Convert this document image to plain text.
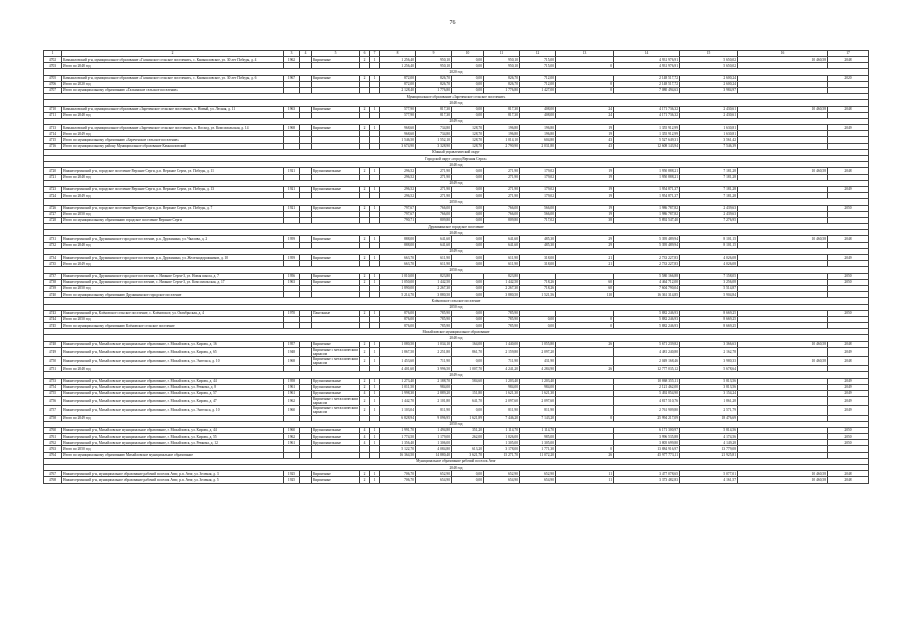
76
1	2	3	4	5	6	7	8	9	10	11	12	13	14	15	16	17
4702	Камышловский р-н, муниципальное образование «Галкинское сельское поселение», с. Камышловское, ул. 30 лет Победы, д. 4	1962		Кирпичные	2	1	1 256,40	950,10	0,00	950,10	715,00		4 931 976,91	5 650,02	10 460,58	2048
4703	Итого по 2048 год						1 256,40	950,10	0,00	950,10	715,00	0	4 931 976,91	5 650,02		
2020 год																
4705	Камышловский р-н, муниципальное образование «Галкинское сельское поселение», с. Камышловское, ул. 30 лет Победы, д. 6	1967		Кирпичные	2	1	872,00	826,70	0,00	826,70	712,00		2 148 517,72	2 600,24		2020
4706	Итого по 2020 год						872,00	826,70	0,00	826,70	712,00	0	2 148 517,72	2 600,24		
4707	Итого по муниципальному образованию «Галкинское сельское поселение»						2 128,40	1 776,80	0,00	1 776,80	1 427,00	0	7 080 494,63	3 984,97		
Муниципальное образование «Зареченское сельское поселение»																
2048 год																
4710	Камышловский р-н, муниципальное образование «Зареченское сельское поселение», п. Новый, ул. Лесная, д. 11	1963		Кирпичные	2	1	577,90	817,30	0,00	817,30	408,00	24	4 171 736,32	2 430,61	10 460,58	2048
4711	Итого по 2048 год						577,90	817,30	0,00	817,30	408,00	24	4 171 736,32	2 430,61		
2049 год																
4713	Камышловский р-н, муниципальное образование «Зареченское сельское поселение», п. Восход, ул. Комсомольская, д. 14	1968		Кирпичные	2	1	968,60	734,80	128,70	196,80	196,80	19	1 355 912,99	1 630,81		2049
4714	Итого по 2049 год						968,60	734,80	128,70	196,80	196,80	19	1 355 912,99	1 630,81		
4715	Итого по муниципальному образованию «Зареченское сельское поселение»						1 546,50	1 552,10	128,70	1 014,10	604,80	43	5 527 649,31	3 561,42		
4716	Итого по муниципальному району Муниципальное образование Камышловский						3 674,90	3 328,90	128,70	2 790,90	2 031,80	43	12 608 143,94	7 546,39		
Южный управленческий округ																
Городской округ «город Верхняя Серга»																
2048 год																
4720	Нижнесергинский р-н, городское поселение Верхние Серги, р.п. Верхние Серги, ул. Победы, д. 11	1921		Крупнопанельные	2	1	296,52	271,90	0,00	271,90	179,02	19	1 950 888,21	7 181,28	10 460,58	2048
4721	Итого по 2048 год						296,52	271,90	0,00	271,90	179,02	19	1 950 888,21	7 181,28		
2049 год																
4723	Нижнесергинский р-н, городское поселение Верхние Серги, р.п. Верхние Серги, ул. Победы, д. 13	1921		Крупнопанельные	2	1	296,52	271,90	0,00	271,90	179,02	19	1 954 871,37	7 181,28		2049
4724	Итого по 2049 год						296,52	271,90	0,00	271,90	179,02	19	1 954 871,37	7 181,28		
2050 год																
4726	Нижнесергинский р-н, городское поселение Верхние Серги, р.п. Верхние Серги, ул. Победы, д. 7	1921		Крупнопанельные	2	1	797,67	766,00	0,00	766,00	566,00	19	1 986 787,82	2 439,63		2050
4727	Итого по 2050 год						797,67	766,00	0,00	766,00	566,00	19	1 986 787,82	2 439,63		
4728	Итого по муниципальному образованию городское поселение Верхние Серги						790,71	809,80	0,00	809,80	717,02	38	5 892 547,40	7 276,95		
Дружининское городское поселение																
2048 год																
4731	Нижнесергинский р-н, Дружининское городское поселение, р.п. Дружинино, ул. Чкалова, д. 2	1959		Кирпичные	2	1	888,00	641,60	0,00	641,60	485,30	29	5 395 489,94	8 101,15	10 460,58	2048
4732	Итого по 2048 год						888,00	641,60	0,00	641,60	485,30	29	5 395 489,94	8 101,15		
2049 год																
4734	Нижнесергинский р-н, Дружининское городское поселение, р.п. Дружинино, ул. Железнодорожников, д. 10	1959		Кирпичные	2	1	663,70	611,90	0,00	611,90	318,00	21	2 733 227,83	4 026,08		2049
4735	Итого по 2049 год						663,70	611,90	0,00	611,90	318,00	21	2 733 227,83	4 026,08		
2050 год																
4737	Нижнесергинский р-н, Дружининское городское поселение, с. Нижние Серги-3, ул. Новая школа, д. 7	1956		Кирпичные	2	1	1 010,00	823,80		823,80			5 580 166,88	7 158,05		2050
4738	Нижнесергинский р-н, Дружининское городское поселение, с. Нижние Серги-3, ул. Комсомольская, д. 17	1963		Кирпичные	2	1	1 050,00	1 442,50	0,00	1 442,50	718,26	60	4 464 712,00	3 256,08		2050
4739	Итого по 2050 год						1 890,00	2 267,30	0,00	2 267,30	718,26	60	7 604 790,04	5 514,87		
4740	Итого по муниципальному образованию Дружининское городское поселение						5 214,70	3 880,50	0,00	3 880,50	1 521,56	110	16 361 314,85	5 904,84		
Клёновское сельское поселение																
2050 год																
4743	Нижнесергинский р-н, Клёновское сельское поселение, с. Клёновское, ул. Октябрьская, д. 4	1970		Панельные	2	1	876,00	785,90	0,00	785,90			5 882 246,93	8 669,25		2050
4744	Итого по 2050 год						876,00	785,90	0,00	785,90	0,00	0	5 882 246,93	8 669,25		
4745	Итого по муниципальному образованию Клёновское сельское поселение						876,00	785,90	0,00	785,90	0,00	0	5 882 246,93	8 669,25		
Михайловское муниципальное образование																
2048 год																
4748	Нижнесергинский р-н, Михайловское муниципальное образование, г. Михайловск, ул. Кирова, д. 16	1957		Кирпичные	2	1	1 080,50	1 034,10	164,00	1 440,00	1 055,80	26	5 671 239,82	3 366,63	10 460,58	2048
4749	Нижнесергинский р-н, Михайловское муниципальное образование, г. Михайловск, ул. Кирова, д. 65	1948		Кирпичные с металлическим каркасом	2	1	1 867,50	2 251,80	861,70	2 159,80	2 097,20		4 481 240,80	2 162,78		2049
4750	Нижнесергинский р-н, Михайловское муниципальное образование, г. Михайловск, ул. Энгельса, д. 10	1968		Кирпичные с металлическим каркасом	2	1	1 453,60	711,90	0,00	711,90	431,90		2 049 168,46	3 980,33	10 460,58	2048
4751	Итого по 2048 год						4 401,60	3 996,50	1 007,70	4 241,20	4 284,90	26	12 777 035,12	5 678,64		
2049 год																
4753	Нижнесергинский р-н, Михайловское муниципальное образование, г. Михайловск, ул. Кирова, д. 44	1958		Крупнопанельные	2	1	1 273,40	2 188,70	584,60	1 203,40	1 203,40		10 868 355,11	5 813,56		2049
4754	Нижнесергинский р-н, Михайловское муниципальное образование, г. Михайловск, ул. Ревкома, д. 8	1961		Крупнопанельные	2	1	1 011,50	984,00		984,00	984,00		2 121 462,00	3 813,56		2049
4755	Нижнесергинский р-н, Михайловское муниципальное образование, г. Михайловск, ул. Кирова, д. 57	1961		Крупнопанельные	4	1	1 998,30	2 889,20	151,80	1 621,30	1 621,30		5 492 854,90	3 154,24		2049
4756	Нижнесергинский р-н, Михайловское муниципальное образование, г. Михайловск, ул. Кирова, д. 47	1962		Кирпичные с металлическим каркасом	2	1	1 442,70	2 101,80	641,70	2 097,60	2 097,60		4 817 510,76	1 861,28		2049
4757	Нижнесергинский р-н, Михайловское муниципальное образование, г. Михайловск, ул. Энгельса, д. 10	1960		Кирпичные с металлическим каркасом	2	1	1 103,04	811,90	0,00	811,90	811,90		2 761 909,80	2 571,79		2049
4758	Итого по 2049 год						6 828,94	9 096,95	1 621,89	7 446,20	7 143,20	0	25 994 217,09	18 476,69		
2050 год																
4760	Нижнесергинский р-н, Михайловское муниципальное образование, г. Михайловск, ул. Кирова, д. 44	1960		Крупнопанельные	4	1	1 991,70	1 494,80	351,20	1 114,70	1 114,70		6 171 300,97	5 814,56		2050
4761	Нижнесергинский р-н, Михайловское муниципальное образование, г. Михайловск, ул. Кирова, д. 55	1962		Крупнопанельные	4	1	1 774,50	1 179,00	262,00	1 026,00	985,00		3 996 535,88	4 174,56		2050
4762	Нижнесергинский р-н, Михайловское муниципальное образование, г. Михайловск, ул. Ревкома, д. 12	1961		Крупнопанельные	4	1	1 356,40	1 306,00		1 305,00	1 305,00		3 805 699,80	4 149,28		2050
4763	Итого по 2050 год						5 122,70	4 084,80	613,20	3 178,00	1 771,30	0	13 884 916,97	13 779,08		
4764	Итого по муниципальному образованию Михайловское муниципальное образование						16 364,50	14 880,40	3 621,70	15 271,70	11 072,20	26	45 977 773,11	21 925,81		
Муниципальное образование рабочий поселок Атиг																
2048 год																
4767	Нижнесергинский р-н, муниципальное образование рабочий поселок Атиг, р.п. Атиг, ул. Зеленая, д. 3	1925		Кирпичные	2	1	706,70	652,90	0,00	652,90	652,90	11	3 477 078,65	5 077,01	10 460,58	2048
4768	Нижнесергинский р-н, муниципальное образование рабочий поселок Атиг, р.п. Атиг, ул. Зеленая, д. 5	1925		Кирпичные	2	1	706,70	654,90	0,00	654,90	654,90	11	3 373 482,83	4 161,57	10 460,58	2048
